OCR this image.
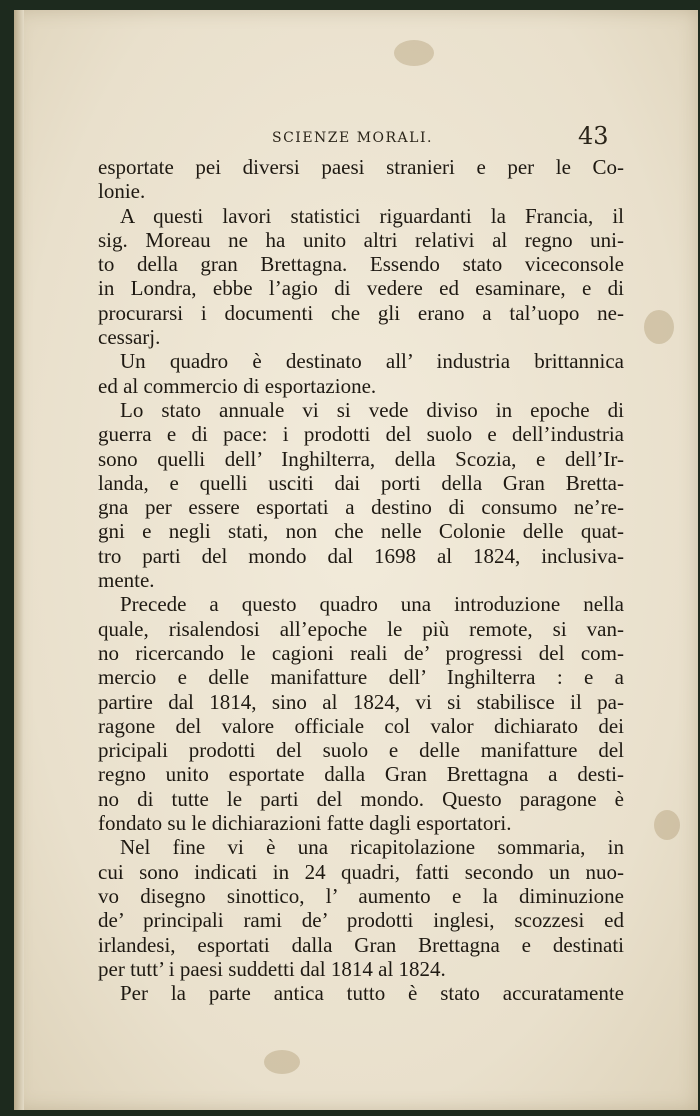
SCIENZE MORALI.	43
esportate pei diversi paesi stranieri e per le Co-
lonie.
A questi lavori statistici riguardanti la Francia, il
sig. Moreau ne ha unito altri relativi al regno uni-
to della gran Brettagna. Essendo stato viceconsole
in Londra, ebbe l’agio di vedere ed esaminare, e di
procurarsi i documenti che gli erano a tal’uopo ne-
cessarj.
Un quadro è destinato all’ industria brittannica
ed al commercio di esportazione.
Lo stato annuale vi si vede diviso in epoche di
guerra e di pace: i prodotti del suolo e dell’industria
sono quelli dell’ Inghilterra, della Scozia, e dell’Ir-
landa, e quelli usciti dai porti della Gran Bretta-
gna per essere esportati a destino di consumo ne’re-
gni e negli stati, non che nelle Colonie delle quat-
tro parti del mondo dal 1698 al 1824, inclusiva-
mente.
Precede a questo quadro una introduzione nella
quale, risalendosi all’epoche le più remote, si van-
no ricercando le cagioni reali de’ progressi del com-
mercio e delle manifatture dell’ Inghilterra : e a
partire dal 1814, sino al 1824, vi si stabilisce il pa-
ragone del valore officiale col valor dichiarato dei
pricipali prodotti del suolo e delle manifatture del
regno unito esportate dalla Gran Brettagna a desti-
no di tutte le parti del mondo. Questo paragone è
fondato su le dichiarazioni fatte dagli esportatori.
Nel fine vi è una ricapitolazione sommaria, in
cui sono indicati in 24 quadri, fatti secondo un nuo-
vo disegno sinottico, l’ aumento e la diminuzione
de’ principali rami de’ prodotti inglesi, scozzesi ed
irlandesi, esportati dalla Gran Brettagna e destinati
per tutt’ i paesi suddetti dal 1814 al 1824.
Per la parte antica tutto è stato accuratamente
